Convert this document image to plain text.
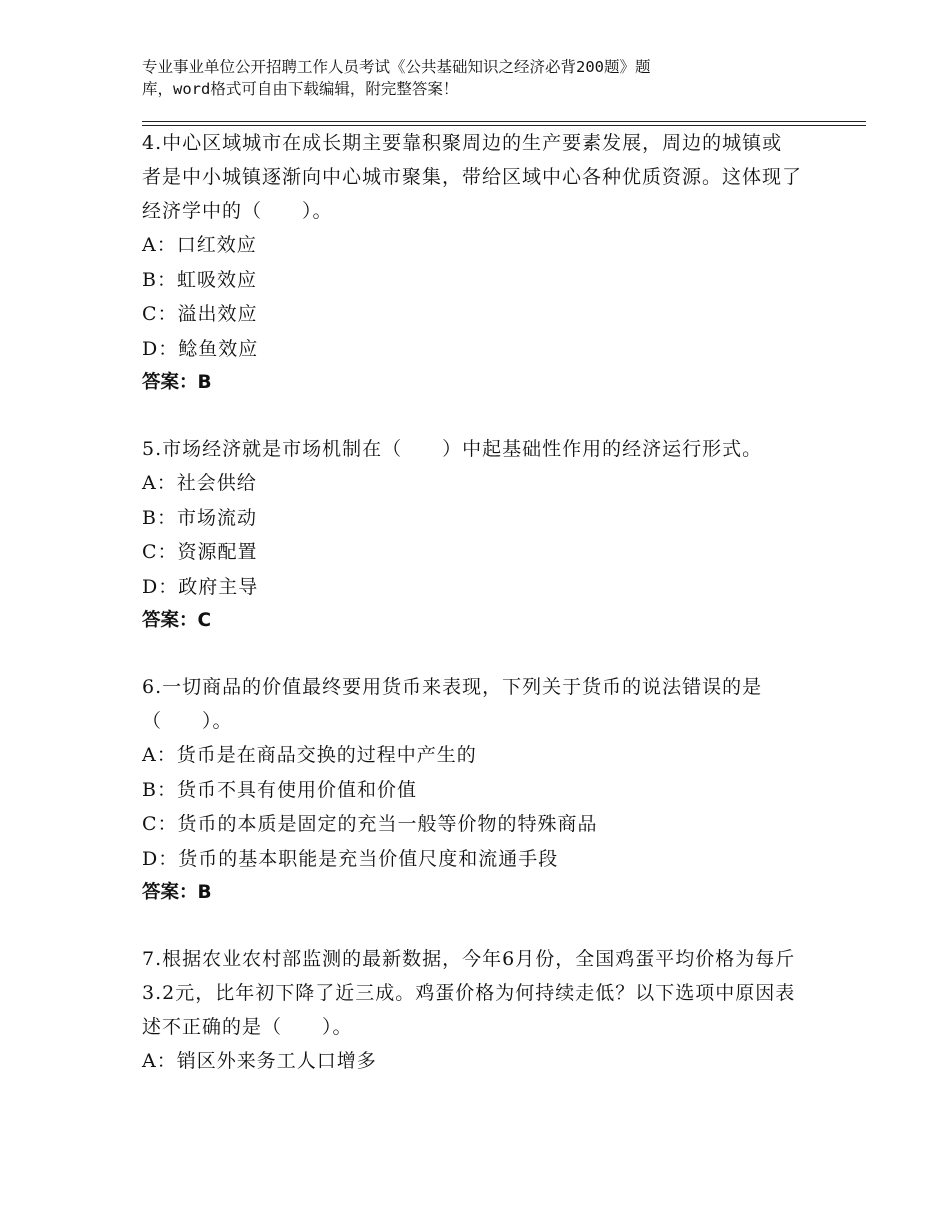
专业事业单位公开招聘工作人员考试《公共基础知识之经济必背200题》题
库，word格式可自由下载编辑，附完整答案！

4.中心区域城市在成长期主要靠积聚周边的生产要素发展，周边的城镇或者是中小城镇逐渐向中心城市聚集，带给区域中心各种优质资源。这体现了经济学中的（　　）。

A：口红效应

B：虹吸效应

C：溢出效应

D：鲶鱼效应

答案：B

5.市场经济就是市场机制在（　　）中起基础性作用的经济运行形式。

A：社会供给

B：市场流动

C：资源配置

D：政府主导

答案：C

6.一切商品的价值最终要用货币来表现，下列关于货币的说法错误的是（　　）。

A：货币是在商品交换的过程中产生的

B：货币不具有使用价值和价值

C：货币的本质是固定的充当一般等价物的特殊商品

D：货币的基本职能是充当价值尺度和流通手段

答案：B

7.根据农业农村部监测的最新数据，今年6月份，全国鸡蛋平均价格为每斤3.2元，比年初下降了近三成。鸡蛋价格为何持续走低？以下选项中原因表述不正确的是（　　）。

A：销区外来务工人口增多
